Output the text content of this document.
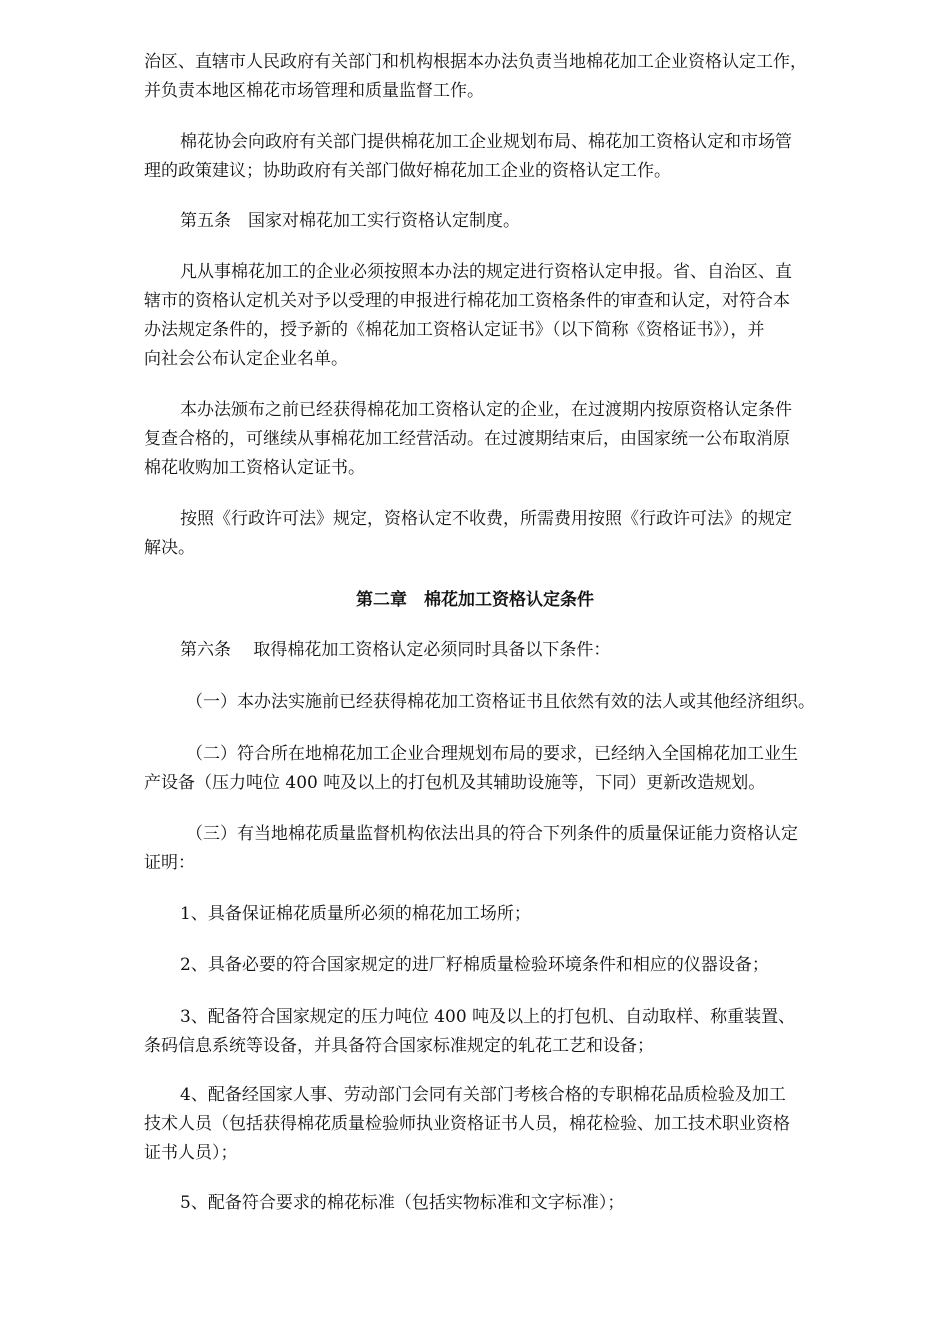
治区、直辖市人民政府有关部门和机构根据本办法负责当地棉花加工企业资格认定工作，
并负责本地区棉花市场管理和质量监督工作。
棉花协会向政府有关部门提供棉花加工企业规划布局、棉花加工资格认定和市场管
理的政策建议；协助政府有关部门做好棉花加工企业的资格认定工作。
第五条　国家对棉花加工实行资格认定制度。
凡从事棉花加工的企业必须按照本办法的规定进行资格认定申报。省、自治区、直
辖市的资格认定机关对予以受理的申报进行棉花加工资格条件的审查和认定，对符合本
办法规定条件的，授予新的《棉花加工资格认定证书》（以下简称《资格证书》），并
向社会公布认定企业名单。
本办法颁布之前已经获得棉花加工资格认定的企业，在过渡期内按原资格认定条件
复查合格的，可继续从事棉花加工经营活动。在过渡期结束后，由国家统一公布取消原
棉花收购加工资格认定证书。
按照《行政许可法》规定，资格认定不收费，所需费用按照《行政许可法》的规定
解决。
第二章　棉花加工资格认定条件
第六条　 取得棉花加工资格认定必须同时具备以下条件：
（一）本办法实施前已经获得棉花加工资格证书且依然有效的法人或其他经济组织。
（二）符合所在地棉花加工企业合理规划布局的要求，已经纳入全国棉花加工业生
产设备（压力吨位 400 吨及以上的打包机及其辅助设施等，下同）更新改造规划。
（三）有当地棉花质量监督机构依法出具的符合下列条件的质量保证能力资格认定
证明：
1、具备保证棉花质量所必须的棉花加工场所；
2、具备必要的符合国家规定的进厂籽棉质量检验环境条件和相应的仪器设备；
3、配备符合国家规定的压力吨位 400 吨及以上的打包机、自动取样、称重装置、
条码信息系统等设备，并具备符合国家标准规定的轧花工艺和设备；
4、配备经国家人事、劳动部门会同有关部门考核合格的专职棉花品质检验及加工
技术人员（包括获得棉花质量检验师执业资格证书人员，棉花检验、加工技术职业资格
证书人员）；
5、配备符合要求的棉花标准（包括实物标准和文字标准）；
